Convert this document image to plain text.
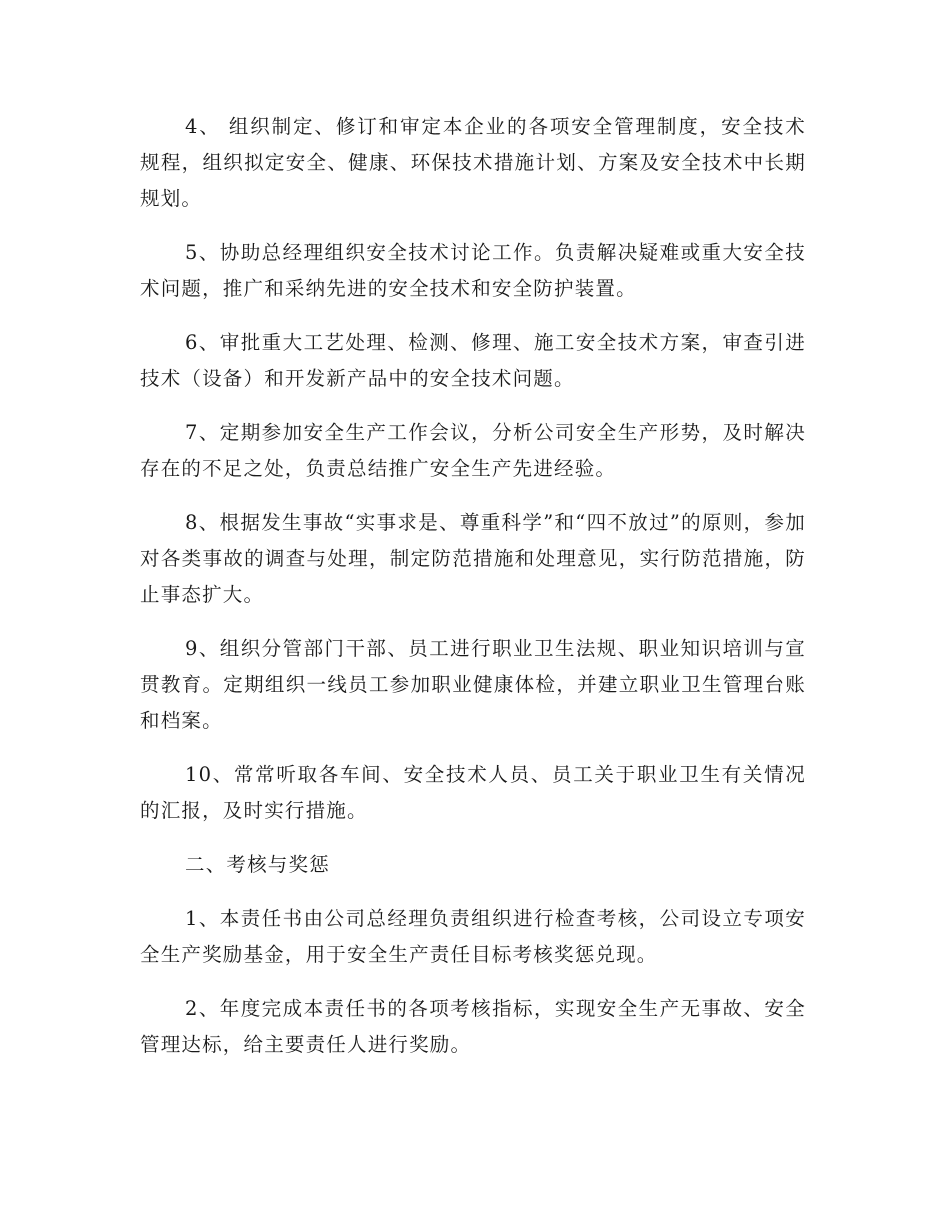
4、 组织制定、修订和审定本企业的各项安全管理制度，安全技术规程，组织拟定安全、健康、环保技术措施计划、方案及安全技术中长期规划。

5、协助总经理组织安全技术讨论工作。负责解决疑难或重大安全技术问题，推广和采纳先进的安全技术和安全防护装置。

6、审批重大工艺处理、检测、修理、施工安全技术方案，审查引进技术（设备）和开发新产品中的安全技术问题。

7、定期参加安全生产工作会议，分析公司安全生产形势，及时解决存在的不足之处，负责总结推广安全生产先进经验。

8、根据发生事故“实事求是、尊重科学”和“四不放过”的原则，参加对各类事故的调查与处理，制定防范措施和处理意见，实行防范措施，防止事态扩大。

9、组织分管部门干部、员工进行职业卫生法规、职业知识培训与宣贯教育。定期组织一线员工参加职业健康体检，并建立职业卫生管理台账和档案。

10、常常听取各车间、安全技术人员、员工关于职业卫生有关情况的汇报，及时实行措施。

二、考核与奖惩

1、本责任书由公司总经理负责组织进行检查考核，公司设立专项安全生产奖励基金，用于安全生产责任目标考核奖惩兑现。

2、年度完成本责任书的各项考核指标，实现安全生产无事故、安全管理达标，给主要责任人进行奖励。
